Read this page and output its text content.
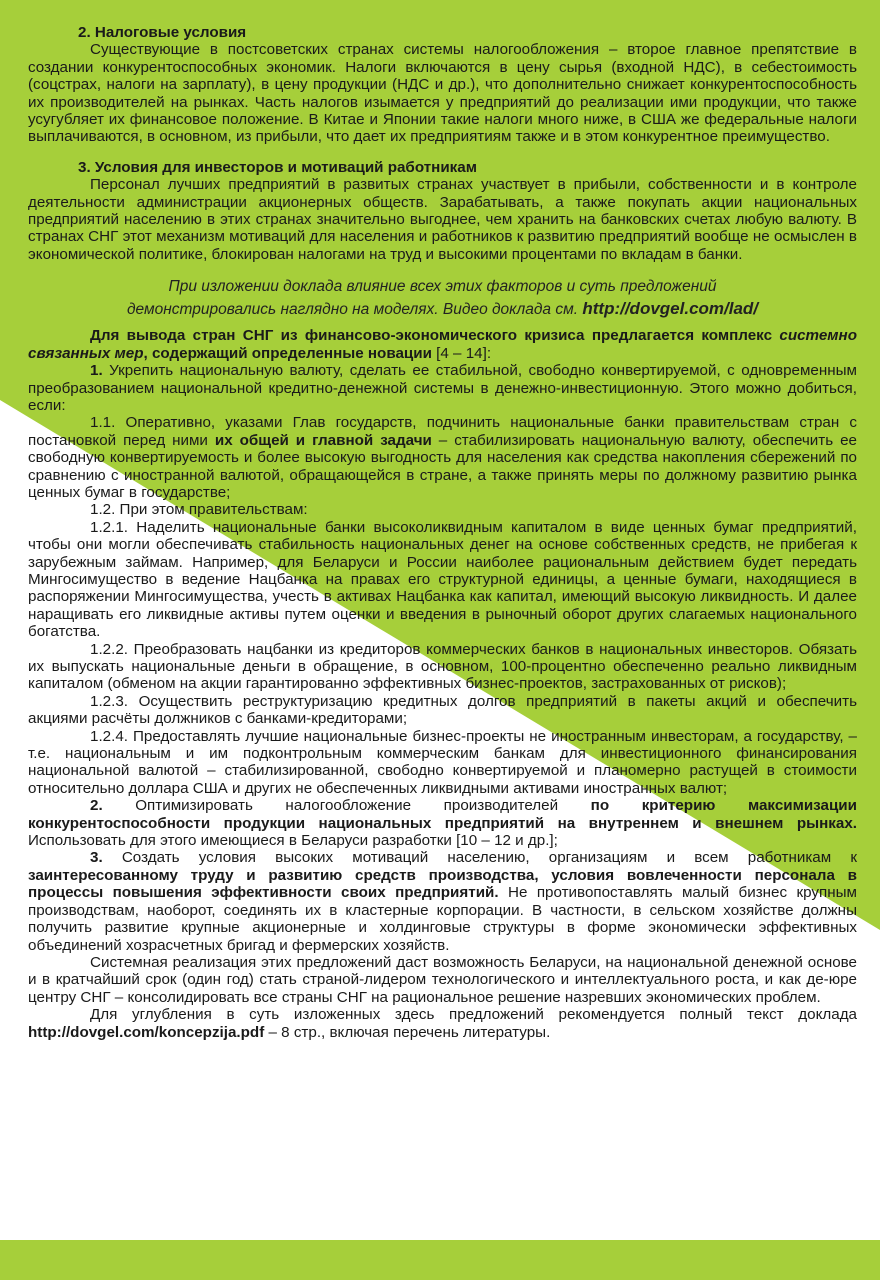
2. Налоговые условия

Существующие в постсоветских странах системы налогообложения – второе главное препятствие в создании конкурентоспособных экономик. Налоги включаются в цену сырья (входной НДС), в себестоимость (соцстрах, налоги на зарплату), в цену продукции (НДС и др.), что дополнительно снижает конкурентоспособность их производителей на рынках. Часть налогов изымается у предприятий до реализации ими продукции, что также усугубляет их финансовое положение. В Китае и Японии такие налоги много ниже, в США же федеральные налоги выплачиваются, в основном, из прибыли, что дает их предприятиям также и в этом конкурентное преимущество.

3. Условия для инвесторов и мотиваций работникам

Персонал лучших предприятий в развитых странах участвует в прибыли, собственности и в контроле деятельности администрации акционерных обществ. Зарабатывать, а также покупать акции национальных предприятий населению в этих странах значительно выгоднее, чем хранить на банковских счетах любую валюту. В странах СНГ этот механизм мотиваций для населения и работников к развитию предприятий вообще не осмыслен в экономической политике, блокирован налогами на труд и высокими процентами по вкладам в банки.

При изложении доклада влияние всех этих факторов и суть предложений

демонстрировались наглядно на моделях. Видео доклада см. http://dovgel.com/lad/

Для вывода стран СНГ из финансово-экономического кризиса предлагается комплекс системно связанных мер, содержащий определенные новации [4 – 14]:

1. Укрепить национальную валюту, сделать ее стабильной, свободно конвертируемой, с одновременным преобразованием национальной кредитно-денежной системы в денежно-инвестиционную. Этого можно добиться, если:

1.1. Оперативно, указами Глав государств, подчинить национальные банки правительствам стран с постановкой перед ними их общей и главной задачи – стабилизировать национальную валюту, обеспечить ее свободную конвертируемость и более высокую выгодность для населения как средства накопления сбережений по сравнению с иностранной валютой, обращающейся в стране, а также принять меры по должному развитию рынка ценных бумаг в государстве;

1.2. При этом правительствам:

1.2.1. Наделить национальные банки высоколиквидным капиталом в виде ценных бумаг предприятий, чтобы они могли обеспечивать стабильность национальных денег на основе собственных средств, не прибегая к зарубежным займам. Например, для Беларуси и России наиболее рациональным действием будет передать Мингосимущество в ведение Нацбанка на правах его структурной единицы, а ценные бумаги, находящиеся в распоряжении Мингосимущества, учесть в активах Нацбанка как капитал, имеющий высокую ликвидность. И далее наращивать его ликвидные активы путем оценки и введения в рыночный оборот других слагаемых национального богатства.

1.2.2. Преобразовать нацбанки из кредиторов коммерческих банков в национальных инвесторов. Обязать их выпускать национальные деньги в обращение, в основном, 100-процентно обеспеченно реально ликвидным капиталом (обменом на акции гарантированно эффективных бизнес-проектов, застрахованных от рисков);

1.2.3. Осуществить реструктуризацию кредитных долгов предприятий в пакеты акций и обеспечить акциями расчёты должников с банками-кредиторами;

1.2.4. Предоставлять лучшие национальные бизнес-проекты не иностранным инвесторам, а государству, – т.е. национальным и им подконтрольным коммерческим банкам для инвестиционного финансирования национальной валютой – стабилизированной, свободно конвертируемой и планомерно растущей в стоимости относительно доллара США и других не обеспеченных ликвидными активами иностранных валют;

2. Оптимизировать налогообложение производителей по критерию максимизации конкурентоспособности продукции национальных предприятий на внутреннем и внешнем рынках. Использовать для этого имеющиеся в Беларуси разработки [10 – 12 и др.];

3. Создать условия высоких мотиваций населению, организациям и всем работникам к заинтересованному труду и развитию средств производства, условия вовлеченности персонала в процессы повышения эффективности своих предприятий. Не противопоставлять малый бизнес крупным производствам, наоборот, соединять их в кластерные корпорации. В частности, в сельском хозяйстве должны получить развитие крупные акционерные и холдинговые структуры в форме экономически эффективных объединений хозрасчетных бригад и фермерских хозяйств.

Системная реализация этих предложений даст возможность Беларуси, на национальной денежной основе и в кратчайший срок (один год) стать страной-лидером технологического и интеллектуального роста, и как де-юре центру СНГ – консолидировать все страны СНГ на рациональное решение назревших экономических проблем.

Для углубления в суть изложенных здесь предложений рекомендуется полный текст доклада http://dovgel.com/koncepzija.pdf – 8 стр., включая перечень литературы.
